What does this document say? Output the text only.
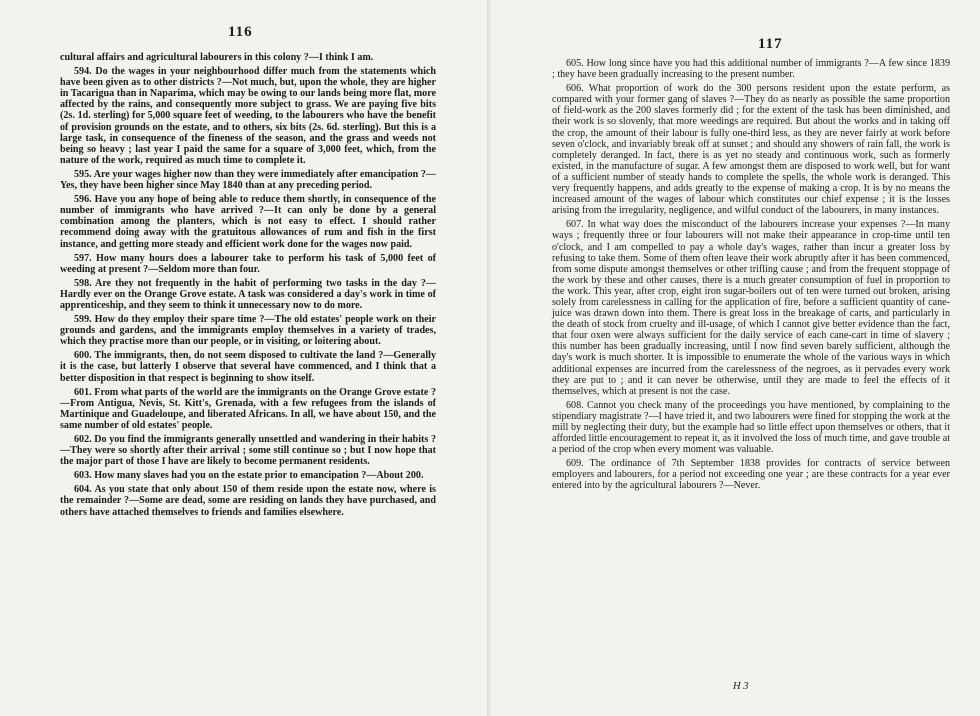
116
117

cultural affairs and agricultural labourers in this colony ?—I think I am.

594. Do the wages in your neighbourhood differ much from the statements which have been given as to other districts ?—Not much, but, upon the whole, they are higher in Tacarigua than in Naparima, which may be owing to our lands being more flat, more affected by the rains, and consequently more subject to grass. We are paying five bits (2s. 1d. sterling) for 5,000 square feet of weeding, to the labourers who have the benefit of provision grounds on the estate, and to others, six bits (2s. 6d. sterling). But this is a large task, in consequence of the fineness of the season, and the grass and weeds not being so heavy ; last year I paid the same for a square of 3,000 feet, which, from the nature of the work, required as much time to complete it.

595. Are your wages higher now than they were immediately after emancipation ?—Yes, they have been higher since May 1840 than at any preceding period.

596. Have you any hope of being able to reduce them shortly, in consequence of the number of immigrants who have arrived ?—It can only be done by a general combination among the planters, which is not easy to effect. I should rather recommend doing away with the gratuitous allowances of rum and fish in the first instance, and getting more steady and efficient work done for the wages now paid.

597. How many hours does a labourer take to perform his task of 5,000 feet of weeding at present ?—Seldom more than four.

598. Are they not frequently in the habit of performing two tasks in the day ?—Hardly ever on the Orange Grove estate. A task was considered a day's work in time of apprenticeship, and they seem to think it unnecessary now to do more.

599. How do they employ their spare time ?—The old estates' people work on their grounds and gardens, and the immigrants employ themselves in a variety of trades, which they practise more than our people, or in visiting, or loitering about.

600. The immigrants, then, do not seem disposed to cultivate the land ?—Generally it is the case, but latterly I observe that several have commenced, and I think that a better disposition in that respect is beginning to show itself.

601. From what parts of the world are the immigrants on the Orange Grove estate ?—From Antigua, Nevis, St. Kitt's, Grenada, with a few refugees from the islands of Martinique and Guadeloupe, and liberated Africans. In all, we have about 150, and the same number of old estates' people.

602. Do you find the immigrants generally unsettled and wandering in their habits ?—They were so shortly after their arrival ; some still continue so ; but I now hope that the major part of those I have are likely to become permanent residents.

603. How many slaves had you on the estate prior to emancipation ?—About 200.

604. As you state that only about 150 of them reside upon the estate now, where is the remainder ?—Some are dead, some are residing on lands they have purchased, and others have attached themselves to friends and families elsewhere.

605. How long since have you had this additional number of immigrants ?—A few since 1839 ; they have been gradually increasing to the present number.

606. What proportion of work do the 300 persons resident upon the estate perform, as compared with your former gang of slaves ?—They do as nearly as possible the same proportion of field-work as the 200 slaves formerly did ; for the extent of the task has been diminished, and their work is so slovenly, that more weedings are required. But about the works and in taking off the crop, the amount of their labour is fully one-third less, as they are never fairly at work before seven o'clock, and invariably break off at sunset ; and should any showers of rain fall, the work is completely deranged. In fact, there is as yet no steady and continuous work, such as formerly existed, in the manufacture of sugar. A few amongst them are disposed to work well, but for want of a sufficient number of steady hands to complete the spells, the whole work is deranged. This very frequently happens, and adds greatly to the expense of making a crop. It is by no means the increased amount of the wages of labour which constitutes our chief expense ; it is the losses arising from the irregularity, negligence, and wilful conduct of the labourers, in many instances.

607. In what way does the misconduct of the labourers increase your expenses ?—In many ways ; frequently three or four labourers will not make their appearance in crop-time until ten o'clock, and I am compelled to pay a whole day's wages, rather than incur a greater loss by refusing to take them. Some of them often leave their work abruptly after it has been commenced, from some dispute amongst themselves or other trifling cause ; and from the frequent stoppage of the work by these and other causes, there is a much greater consumption of fuel in proportion to the work. This year, after crop, eight iron sugar-boilers out of ten were turned out broken, arising solely from carelessness in calling for the application of fire, before a sufficient quantity of cane-juice was drawn down into them. There is great loss in the breakage of carts, and particularly in the death of stock from cruelty and ill-usage, of which I cannot give better evidence than the fact, that four oxen were always sufficient for the daily service of each cane-cart in time of slavery ; this number has been gradually increasing, until I now find seven barely sufficient, although the day's work is much shorter. It is impossible to enumerate the whole of the various ways in which additional expenses are incurred from the carelessness of the negroes, as it pervades every work they are put to ; and it can never be otherwise, until they are made to feel the effects of it themselves, which at present is not the case.

608. Cannot you check many of the proceedings you have mentioned, by complaining to the stipendiary magistrate ?—I have tried it, and two labourers were fined for stopping the work at the mill by neglecting their duty, but the example had so little effect upon themselves or others, that it afforded little encouragement to repeat it, as it involved the loss of much time, and gave trouble at a period of the crop when every moment was valuable.

609. The ordinance of 7th September 1838 provides for contracts of service between employers and labourers, for a period not exceeding one year ; are these contracts for a year ever entered into by the agricultural labourers ?—Never.

H 3
